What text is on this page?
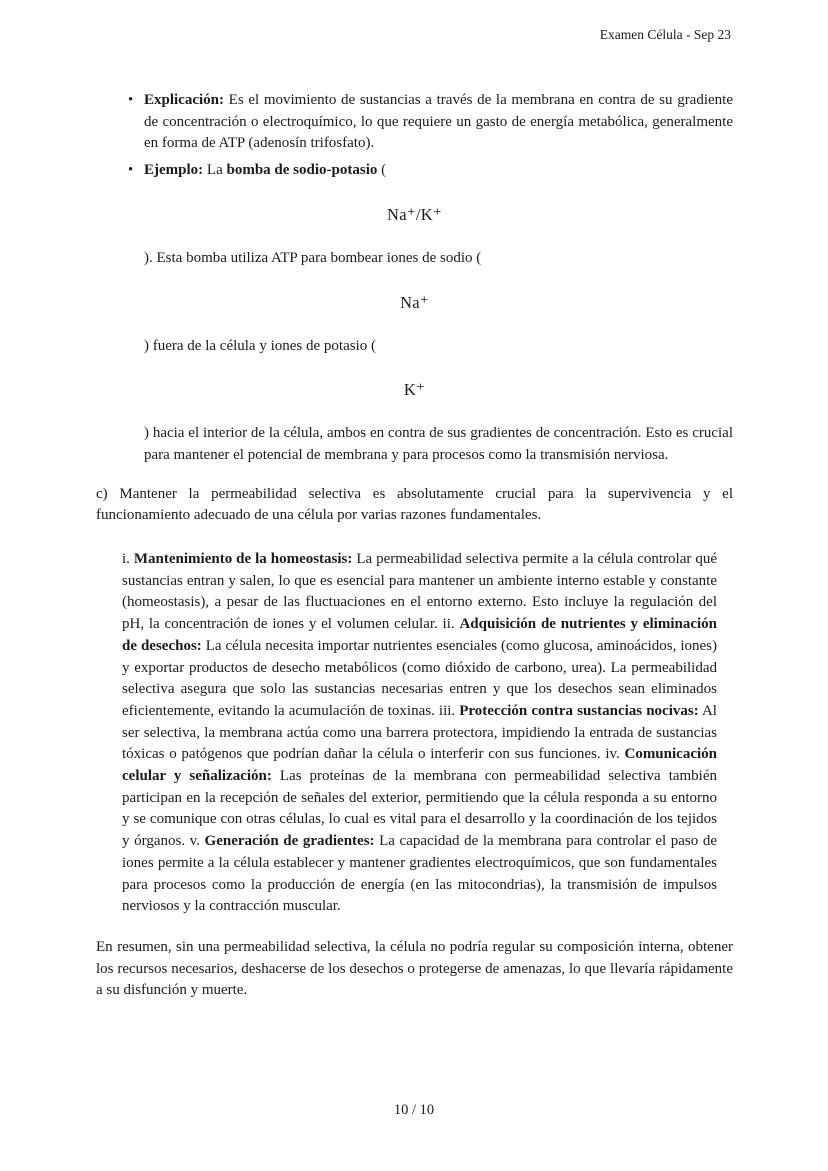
Examen Célula - Sep 23
• Explicación: Es el movimiento de sustancias a través de la membrana en contra de su gradiente de concentración o electroquímico, lo que requiere un gasto de energía metabólica, generalmente en forma de ATP (adenosín trifosfato).
• Ejemplo: La bomba de sodio-potasio (
Na⁺/K⁺

). Esta bomba utiliza ATP para bombear iones de sodio (

Na⁺

) fuera de la célula y iones de potasio (

K⁺

) hacia el interior de la célula, ambos en contra de sus gradientes de concentración. Esto es crucial para mantener el potencial de membrana y para procesos como la transmisión nerviosa.

c) Mantener la permeabilidad selectiva es absolutamente crucial para la supervivencia y el funcionamiento adecuado de una célula por varias razones fundamentales.

i. Mantenimiento de la homeostasis: La permeabilidad selectiva permite a la célula controlar qué sustancias entran y salen, lo que es esencial para mantener un ambiente interno estable y constante (homeostasis), a pesar de las fluctuaciones en el entorno externo. Esto incluye la regulación del pH, la concentración de iones y el volumen celular. ii. Adquisición de nutrientes y eliminación de desechos: La célula necesita importar nutrientes esenciales (como glucosa, aminoácidos, iones) y exportar productos de desecho metabólicos (como dióxido de carbono, urea). La permeabilidad selectiva asegura que solo las sustancias necesarias entren y que los desechos sean eliminados eficientemente, evitando la acumulación de toxinas. iii. Protección contra sustancias nocivas: Al ser selectiva, la membrana actúa como una barrera protectora, impidiendo la entrada de sustancias tóxicas o patógenos que podrían dañar la célula o interferir con sus funciones. iv. Comunicación celular y señalización: Las proteínas de la membrana con permeabilidad selectiva también participan en la recepción de señales del exterior, permitiendo que la célula responda a su entorno y se comunique con otras células, lo cual es vital para el desarrollo y la coordinación de los tejidos y órganos. v. Generación de gradientes: La capacidad de la membrana para controlar el paso de iones permite a la célula establecer y mantener gradientes electroquímicos, que son fundamentales para procesos como la producción de energía (en las mitocondrias), la transmisión de impulsos nerviosos y la contracción muscular.

En resumen, sin una permeabilidad selectiva, la célula no podría regular su composición interna, obtener los recursos necesarios, deshacerse de los desechos o protegerse de amenazas, lo que llevaría rápidamente a su disfunción y muerte.

10 / 10
